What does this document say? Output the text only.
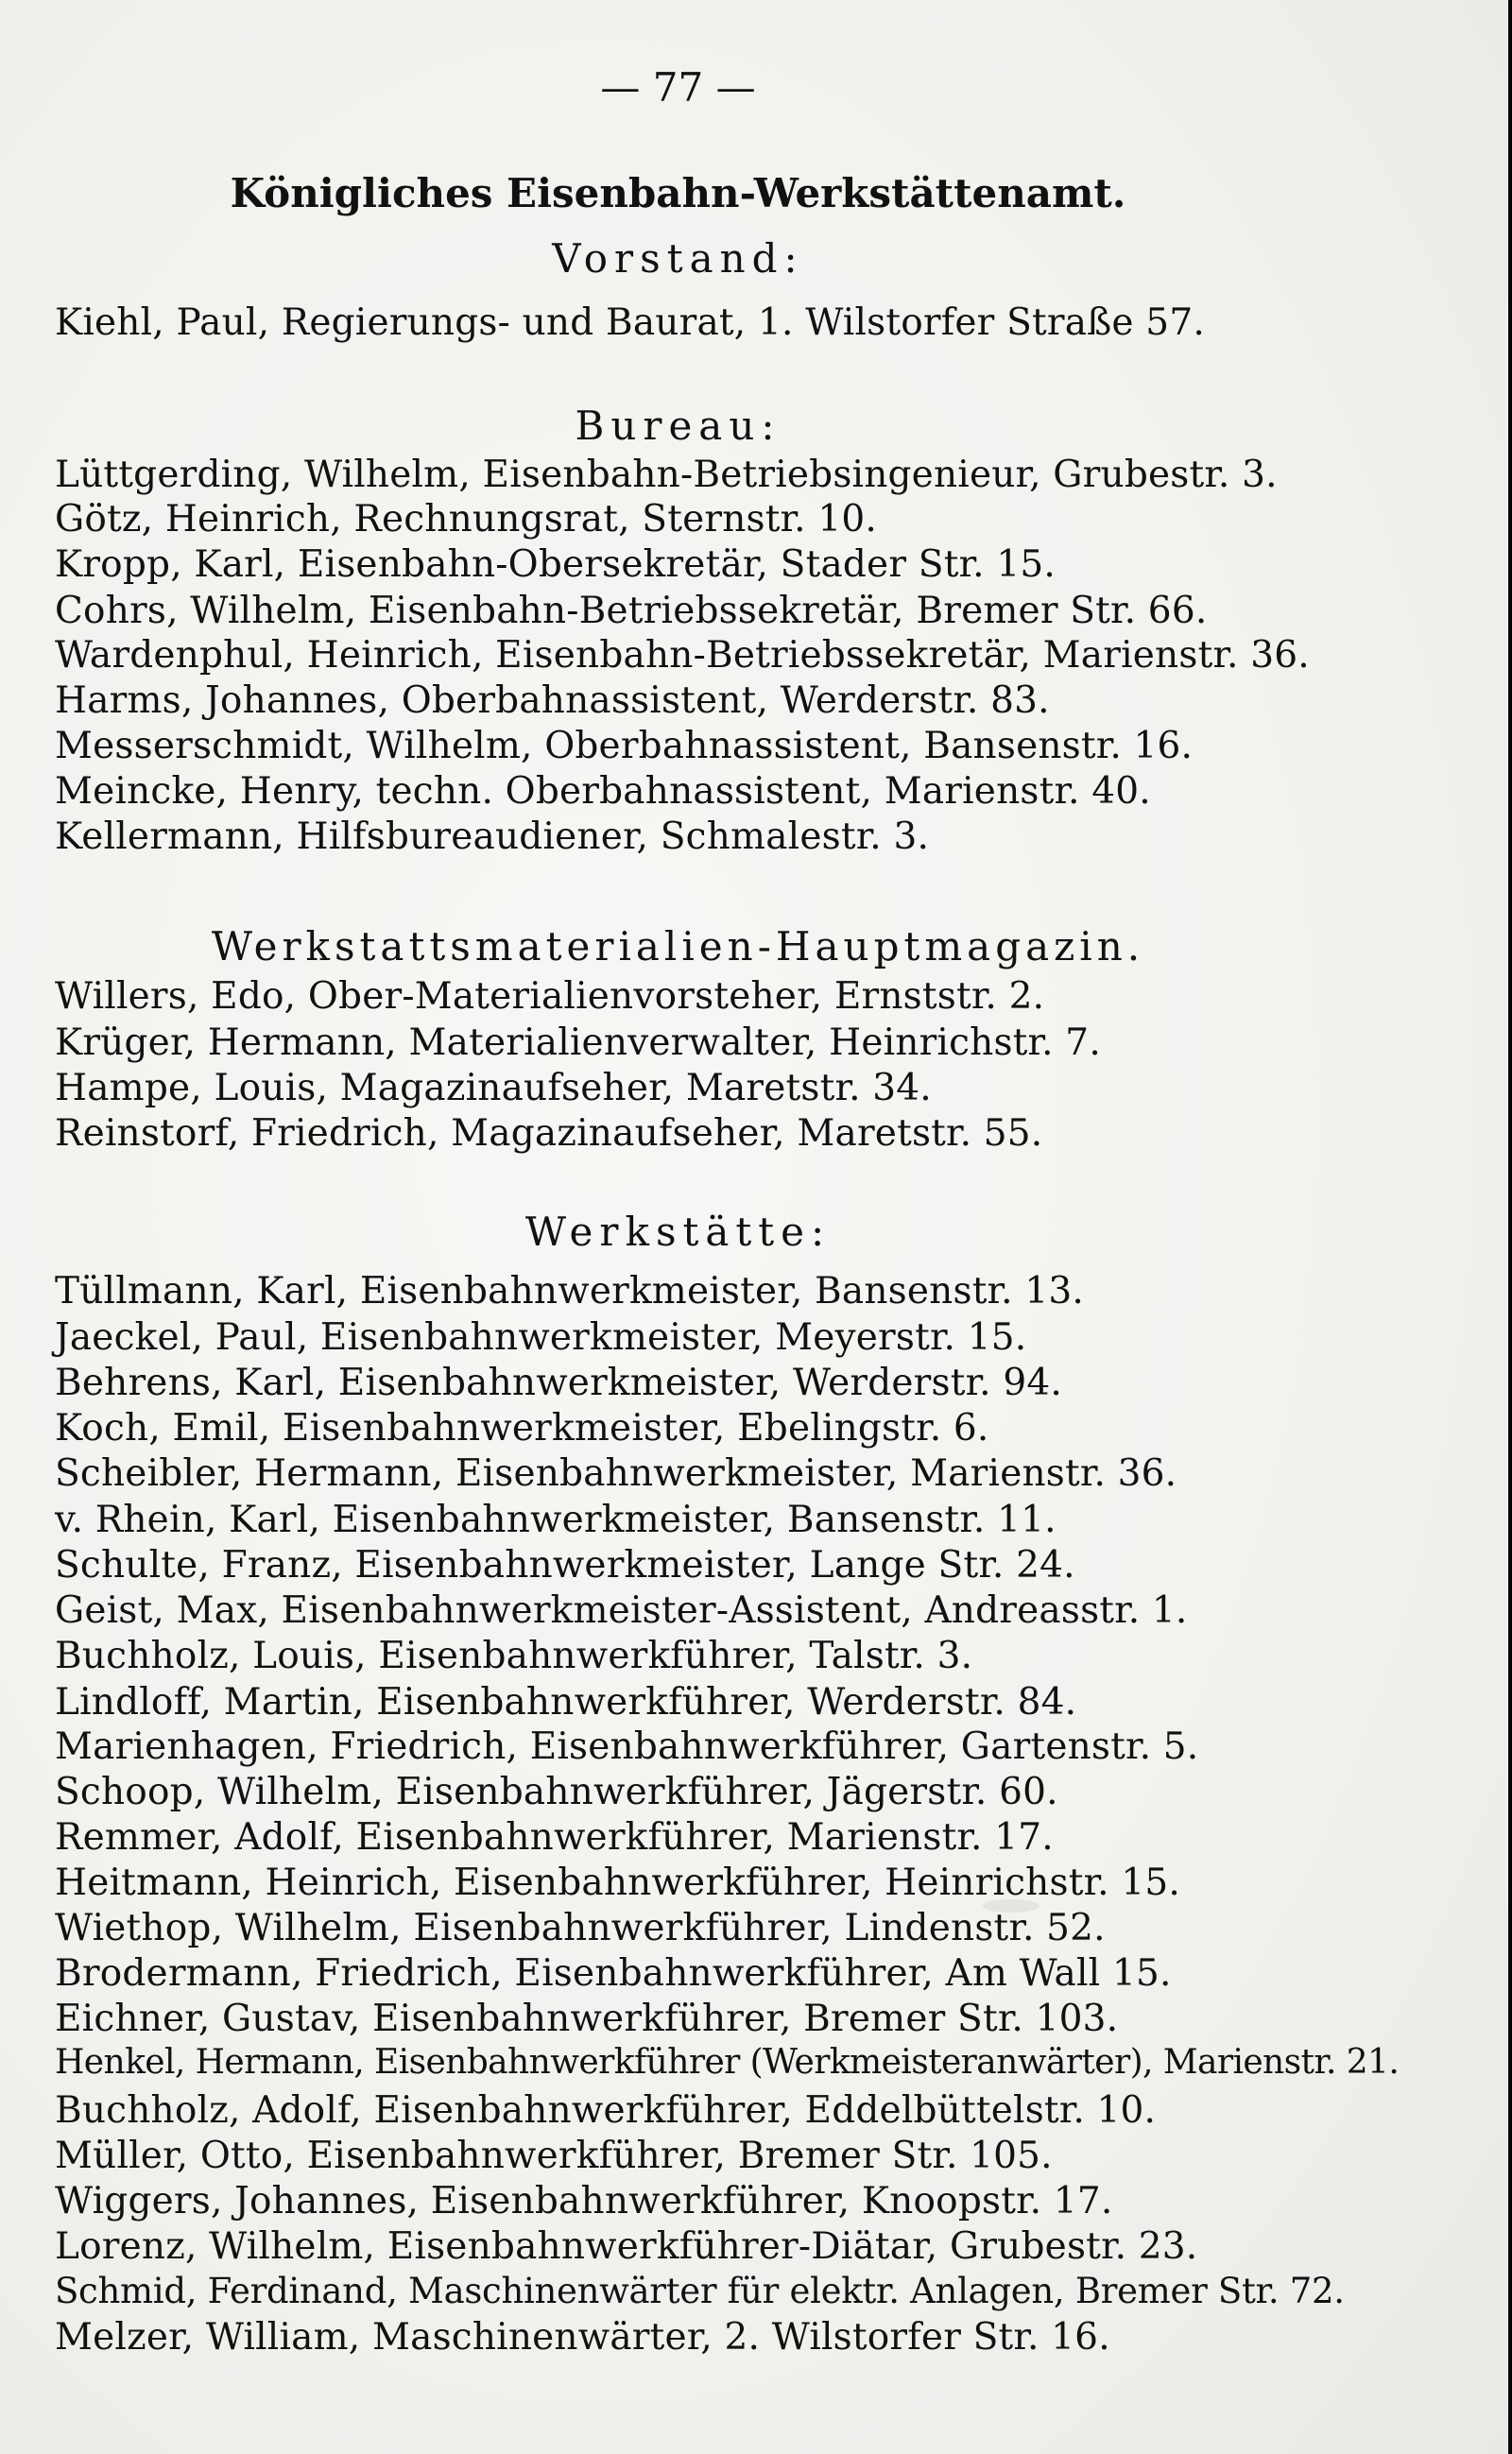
— 77 —

Königliches Eisenbahn-Werkstättenamt.

Vorstand:

Kiehl, Paul, Regierungs- und Baurat, 1. Wilstorfer Straße 57.

Bureau:

Lüttgerding, Wilhelm, Eisenbahn-Betriebsingenieur, Grubestr. 3.

Götz, Heinrich, Rechnungsrat, Sternstr. 10.

Kropp, Karl, Eisenbahn-Obersekretär, Stader Str. 15.

Cohrs, Wilhelm, Eisenbahn-Betriebssekretär, Bremer Str. 66.

Wardenphul, Heinrich, Eisenbahn-Betriebssekretär, Marienstr. 36.

Harms, Johannes, Oberbahnassistent, Werderstr. 83.

Messerschmidt, Wilhelm, Oberbahnassistent, Bansenstr. 16.

Meincke, Henry, techn. Oberbahnassistent, Marienstr. 40.

Kellermann, Hilfsbureaudiener, Schmalestr. 3.

Werkstattsmaterialien-Hauptmagazin.

Willers, Edo, Ober-Materialienvorsteher, Ernststr. 2.

Krüger, Hermann, Materialienverwalter, Heinrichstr. 7.

Hampe, Louis, Magazinaufseher, Maretstr. 34.

Reinstorf, Friedrich, Magazinaufseher, Maretstr. 55.

Werkstätte:

Tüllmann, Karl, Eisenbahnwerkmeister, Bansenstr. 13.

Jaeckel, Paul, Eisenbahnwerkmeister, Meyerstr. 15.

Behrens, Karl, Eisenbahnwerkmeister, Werderstr. 94.

Koch, Emil, Eisenbahnwerkmeister, Ebelingstr. 6.

Scheibler, Hermann, Eisenbahnwerkmeister, Marienstr. 36.

v. Rhein, Karl, Eisenbahnwerkmeister, Bansenstr. 11.

Schulte, Franz, Eisenbahnwerkmeister, Lange Str. 24.

Geist, Max, Eisenbahnwerkmeister-Assistent, Andreasstr. 1.

Buchholz, Louis, Eisenbahnwerkführer, Talstr. 3.

Lindloff, Martin, Eisenbahnwerkführer, Werderstr. 84.

Marienhagen, Friedrich, Eisenbahnwerkführer, Gartenstr. 5.

Schoop, Wilhelm, Eisenbahnwerkführer, Jägerstr. 60.

Remmer, Adolf, Eisenbahnwerkführer, Marienstr. 17.

Heitmann, Heinrich, Eisenbahnwerkführer, Heinrichstr. 15.

Wiethop, Wilhelm, Eisenbahnwerkführer, Lindenstr. 52.

Brodermann, Friedrich, Eisenbahnwerkführer, Am Wall 15.

Eichner, Gustav, Eisenbahnwerkführer, Bremer Str. 103.

Henkel, Hermann, Eisenbahnwerkführer (Werkmeisteranwärter), Marienstr. 21.

Buchholz, Adolf, Eisenbahnwerkführer, Eddelbüttelstr. 10.

Müller, Otto, Eisenbahnwerkführer, Bremer Str. 105.

Wiggers, Johannes, Eisenbahnwerkführer, Knoopstr. 17.

Lorenz, Wilhelm, Eisenbahnwerkführer-Diätar, Grubestr. 23.

Schmid, Ferdinand, Maschinenwärter für elektr. Anlagen, Bremer Str. 72.

Melzer, William, Maschinenwärter, 2. Wilstorfer Str. 16.
